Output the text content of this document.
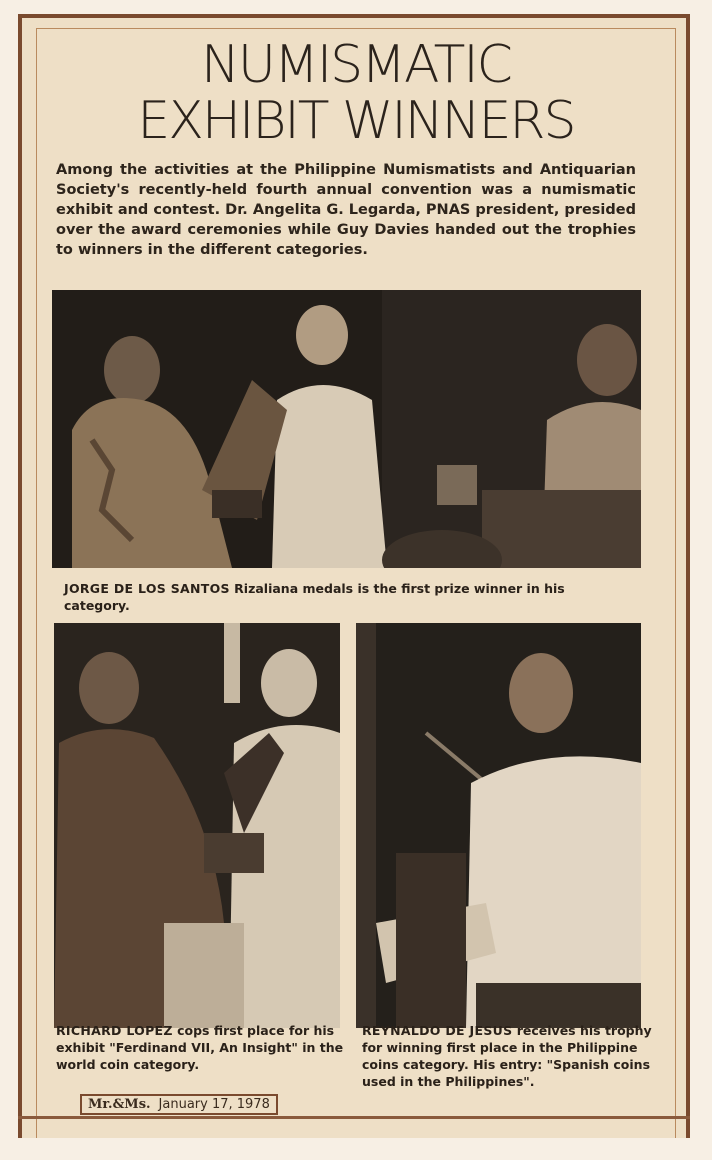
NUMISMATIC
EXHIBIT WINNERS
Among the activities at the Philippine Numismatists and Antiquarian Society's recently-held fourth annual convention was a numismatic exhibit and contest. Dr. Angelita G. Legarda, PNAS president, presided over the award ceremonies while Guy Davies handed out the trophies to winners in the different categories.
JORGE DE LOS SANTOS Rizaliana medals is the first prize winner in his category.
RICHARD LOPEZ cops first place for his exhibit "Ferdinand VII, An Insight" in the world coin category.
REYNALDO DE JESUS receives his trophy for winning first place in the Philippine coins category. His entry: "Spanish coins used in the Philippines".
Mr.&Ms. January 17, 1978
